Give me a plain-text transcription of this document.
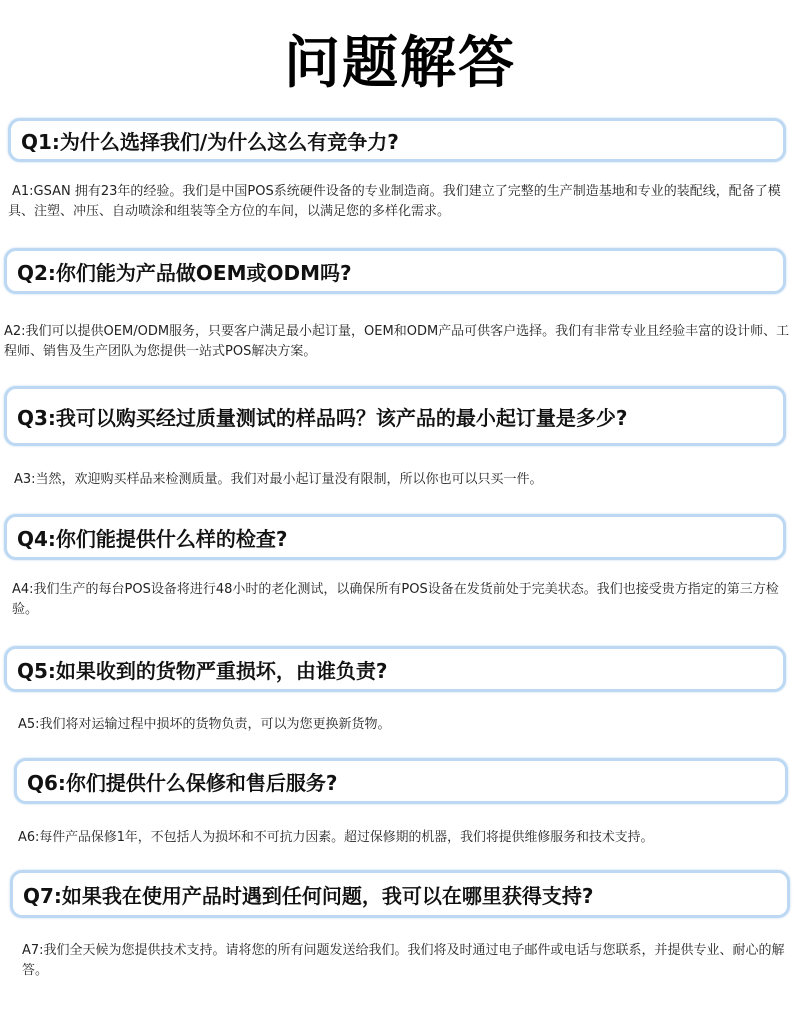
问题解答
Q1:为什么选择我们/为什么这么有竞争力?
A1:GSAN 拥有23年的经验。我们是中国POS系统硬件设备的专业制造商。我们建立了完整的生产制造基地和专业的装配线，配备了模具、注塑、冲压、自动喷涂和组装等全方位的车间，以满足您的多样化需求。
Q2:你们能为产品做OEM或ODM吗?
A2:我们可以提供OEM/ODM服务，只要客户满足最小起订量，OEM和ODM产品可供客户选择。我们有非常专业且经验丰富的设计师、工程师、销售及生产团队为您提供一站式POS解决方案。
Q3:我可以购买经过质量测试的样品吗？该产品的最小起订量是多少?
A3:当然，欢迎购买样品来检测质量。我们对最小起订量没有限制，所以你也可以只买一件。
Q4:你们能提供什么样的检查?
A4:我们生产的每台POS设备将进行48小时的老化测试，以确保所有POS设备在发货前处于完美状态。我们也接受贵方指定的第三方检验。
Q5:如果收到的货物严重损坏，由谁负责?
A5:我们将对运输过程中损坏的货物负责，可以为您更换新货物。
Q6:你们提供什么保修和售后服务?
A6:每件产品保修1年，不包括人为损坏和不可抗力因素。超过保修期的机器，我们将提供维修服务和技术支持。
Q7:如果我在使用产品时遇到任何问题，我可以在哪里获得支持?
A7:我们全天候为您提供技术支持。请将您的所有问题发送给我们。我们将及时通过电子邮件或电话与您联系，并提供专业、耐心的解答。
